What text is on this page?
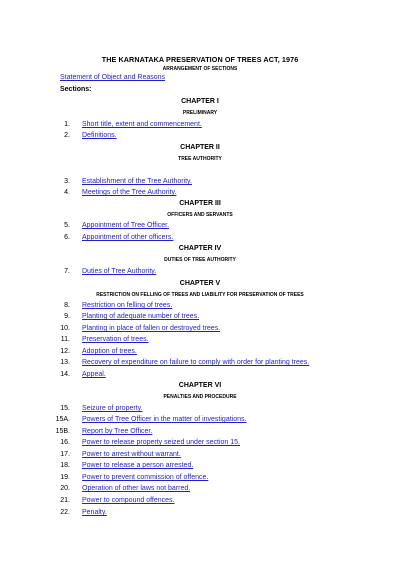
THE KARNATAKA PRESERVATION OF TREES ACT, 1976
ARRANGEMENT OF SECTIONS
Statement of Object and Reasons
Sections:
CHAPTER I
PRELIMINARY
1. Short title, extent and commencement.
2. Definitions.
CHAPTER II
TREE AUTHORITY
3. Establishment of the Tree Authority.
4. Meetings of the Tree Authority.
CHAPTER III
OFFICERS AND SERVANTS
5. Appointment of Tree Officer.
6. Appointment of other officers.
CHAPTER IV
DUTIES OF TREE AUTHORITY
7. Duties of Tree Authority.
CHAPTER V
RESTRICTION ON FELLING OF TREES AND LIABILITY FOR PRESERVATION OF TREES
8. Restriction on felling of trees.
9. Planting of adequate number of trees.
10. Planting in place of fallen or destroyed trees.
11. Preservation of trees.
12. Adoption of trees.
13. Recovery of expenditure on failure to comply with order for planting trees.
14. Appeal.
CHAPTER VI
PENALTIES AND PROCEDURE
15. Seizure of property.
15A. Powers of Tree Officer in the matter of investigations.
15B. Report by Tree Officer.
16. Power to release property seized under section 15.
17. Power to arrest without warrant.
18. Power to release a person arrested.
19. Power to prevent commission of offence.
20. Operation of other laws not barred.
21. Power to compound offences.
22. Penalty.
